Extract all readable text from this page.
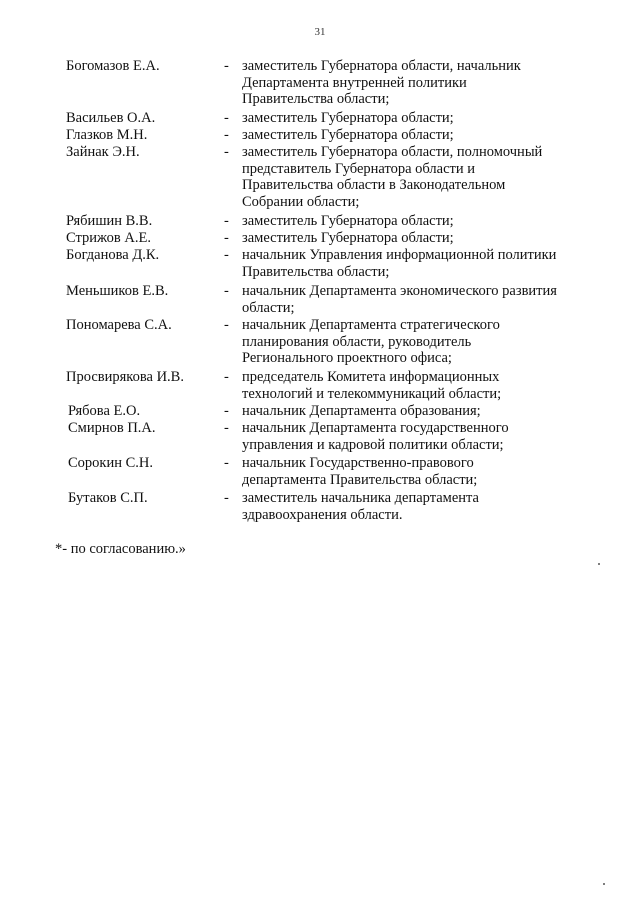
31
Богомазов Е.А.	- заместитель Губернатора области, начальник
Департамента внутренней политики
Правительства области;
Васильев О.А.	- заместитель Губернатора области;
Глазков М.Н.	- заместитель Губернатора области;
Зайнак Э.Н.	- заместитель Губернатора области, полномочный
представитель Губернатора области и
Правительства области в Законодательном
Собрании области;
Рябишин В.В.	- заместитель Губернатора области;
Стрижов А.Е.	- заместитель Губернатора области;
Богданова Д.К.	- начальник Управления информационной политики
Правительства области;
Меньшиков Е.В.	- начальник Департамента экономического развития
области;
Пономарева С.А.	- начальник Департамента стратегического
планирования области, руководитель
Регионального проектного офиса;
Просвирякова И.В.	- председатель Комитета информационных
технологий и телекоммуникаций области;
Рябова Е.О.	- начальник Департамента образования;
Смирнов П.А.	- начальник Департамента государственного
управления и кадровой политики области;
Сорокин С.Н.	- начальник Государственно-правового
департамента Правительства области;
Бутаков С.П.	- заместитель начальника департамента
здравоохранения области.
*- по согласованию.»
